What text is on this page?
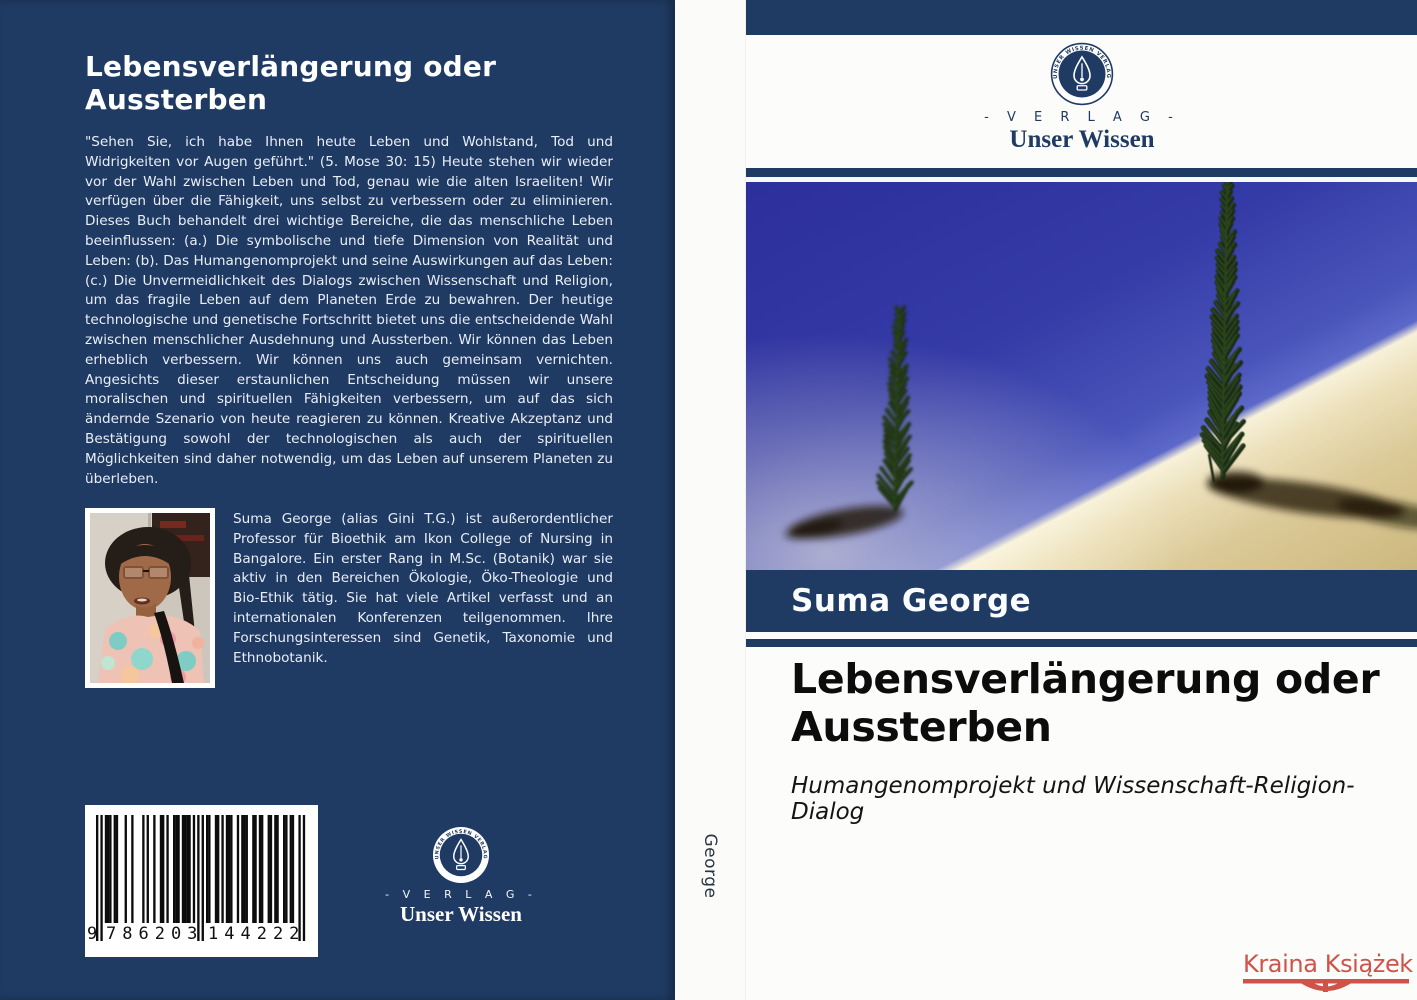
Lebensverlängerung oder Aussterben
"Sehen Sie, ich habe Ihnen heute Leben und Wohlstand, Tod und Widrigkeiten vor Augen geführt." (5. Mose 30: 15) Heute stehen wir wieder vor der Wahl zwischen Leben und Tod, genau wie die alten Israeliten! Wir verfügen über die Fähigkeit, uns selbst zu verbessern oder zu eliminieren. Dieses Buch behandelt drei wichtige Bereiche, die das menschliche Leben beeinflussen: (a.) Die symbolische und tiefe Dimension von Realität und Leben: (b). Das Humangenomprojekt und seine Auswirkungen auf das Leben: (c.) Die Unvermeidlichkeit des Dialogs zwischen Wissenschaft und Religion, um das fragile Leben auf dem Planeten Erde zu bewahren. Der heutige technologische und genetische Fortschritt bietet uns die entscheidende Wahl zwischen menschlicher Ausdehnung und Aussterben. Wir können das Leben erheblich verbessern. Wir können uns auch gemeinsam vernichten. Angesichts dieser erstaunlichen Entscheidung müssen wir unsere moralischen und spirituellen Fähigkeiten verbessern, um auf das sich ändernde Szenario von heute reagieren zu können. Kreative Akzeptanz und Bestätigung sowohl der technologischen als auch der spirituellen Möglichkeiten sind daher notwendig, um das Leben auf unserem Planeten zu überleben.
Suma George (alias Gini T.G.) ist außerordentlicher Professor für Bioethik am Ikon College of Nursing in Bangalore. Ein erster Rang in M.Sc. (Botanik) war sie aktiv in den Bereichen Ökologie, Öko-Theologie und Bio-Ethik tätig. Sie hat viele Artikel verfasst und an internationalen Konferenzen teilgenommen. Ihre Forschungsinteressen sind Genetik, Taxonomie und Ethnobotanik.
9 786203 144222
UNSER WISSEN VERLAG
- V E R L A G -
Unser Wissen
George
UNSER WISSEN VERLAG
- V E R L A G -
Unser Wissen
Suma George
Lebensverlängerung oder Aussterben
Humangenomprojekt und Wissenschaft-Religion-Dialog
Kraina Książek
